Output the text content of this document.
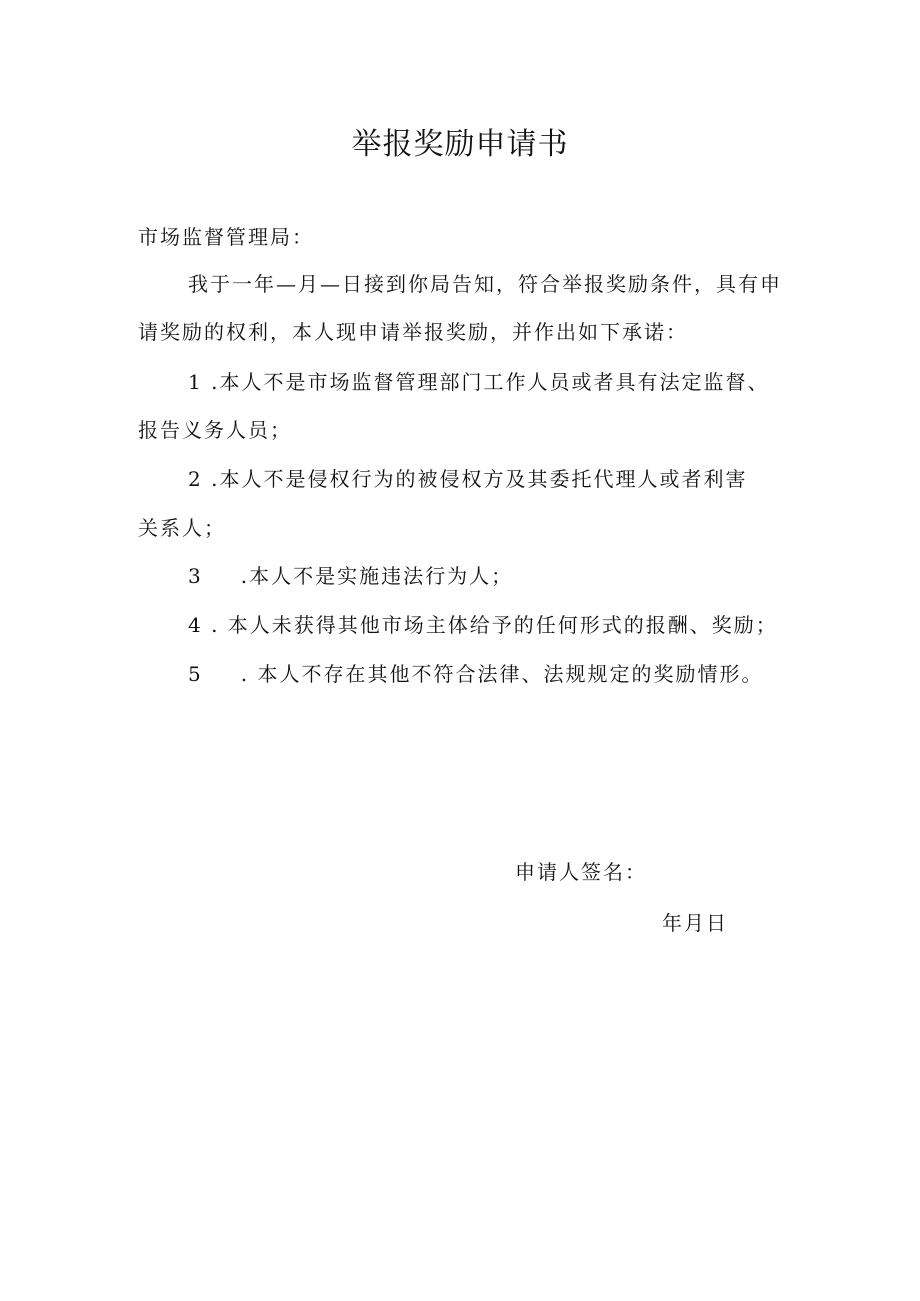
举报奖励申请书
市场监督管理局：
我于一年—月—日接到你局告知，符合举报奖励条件，具有申
请奖励的权利，本人现申请举报奖励，并作出如下承诺：
1 .本人不是市场监督管理部门工作人员或者具有法定监督、
报告义务人员；
2 .本人不是侵权行为的被侵权方及其委托代理人或者利害
关系人；
3 .本人不是实施违法行为人；
4 . 本人未获得其他市场主体给予的任何形式的报酬、奖励；
5 . 本人不存在其他不符合法律、法规规定的奖励情形。
申请人签名：
年月日
